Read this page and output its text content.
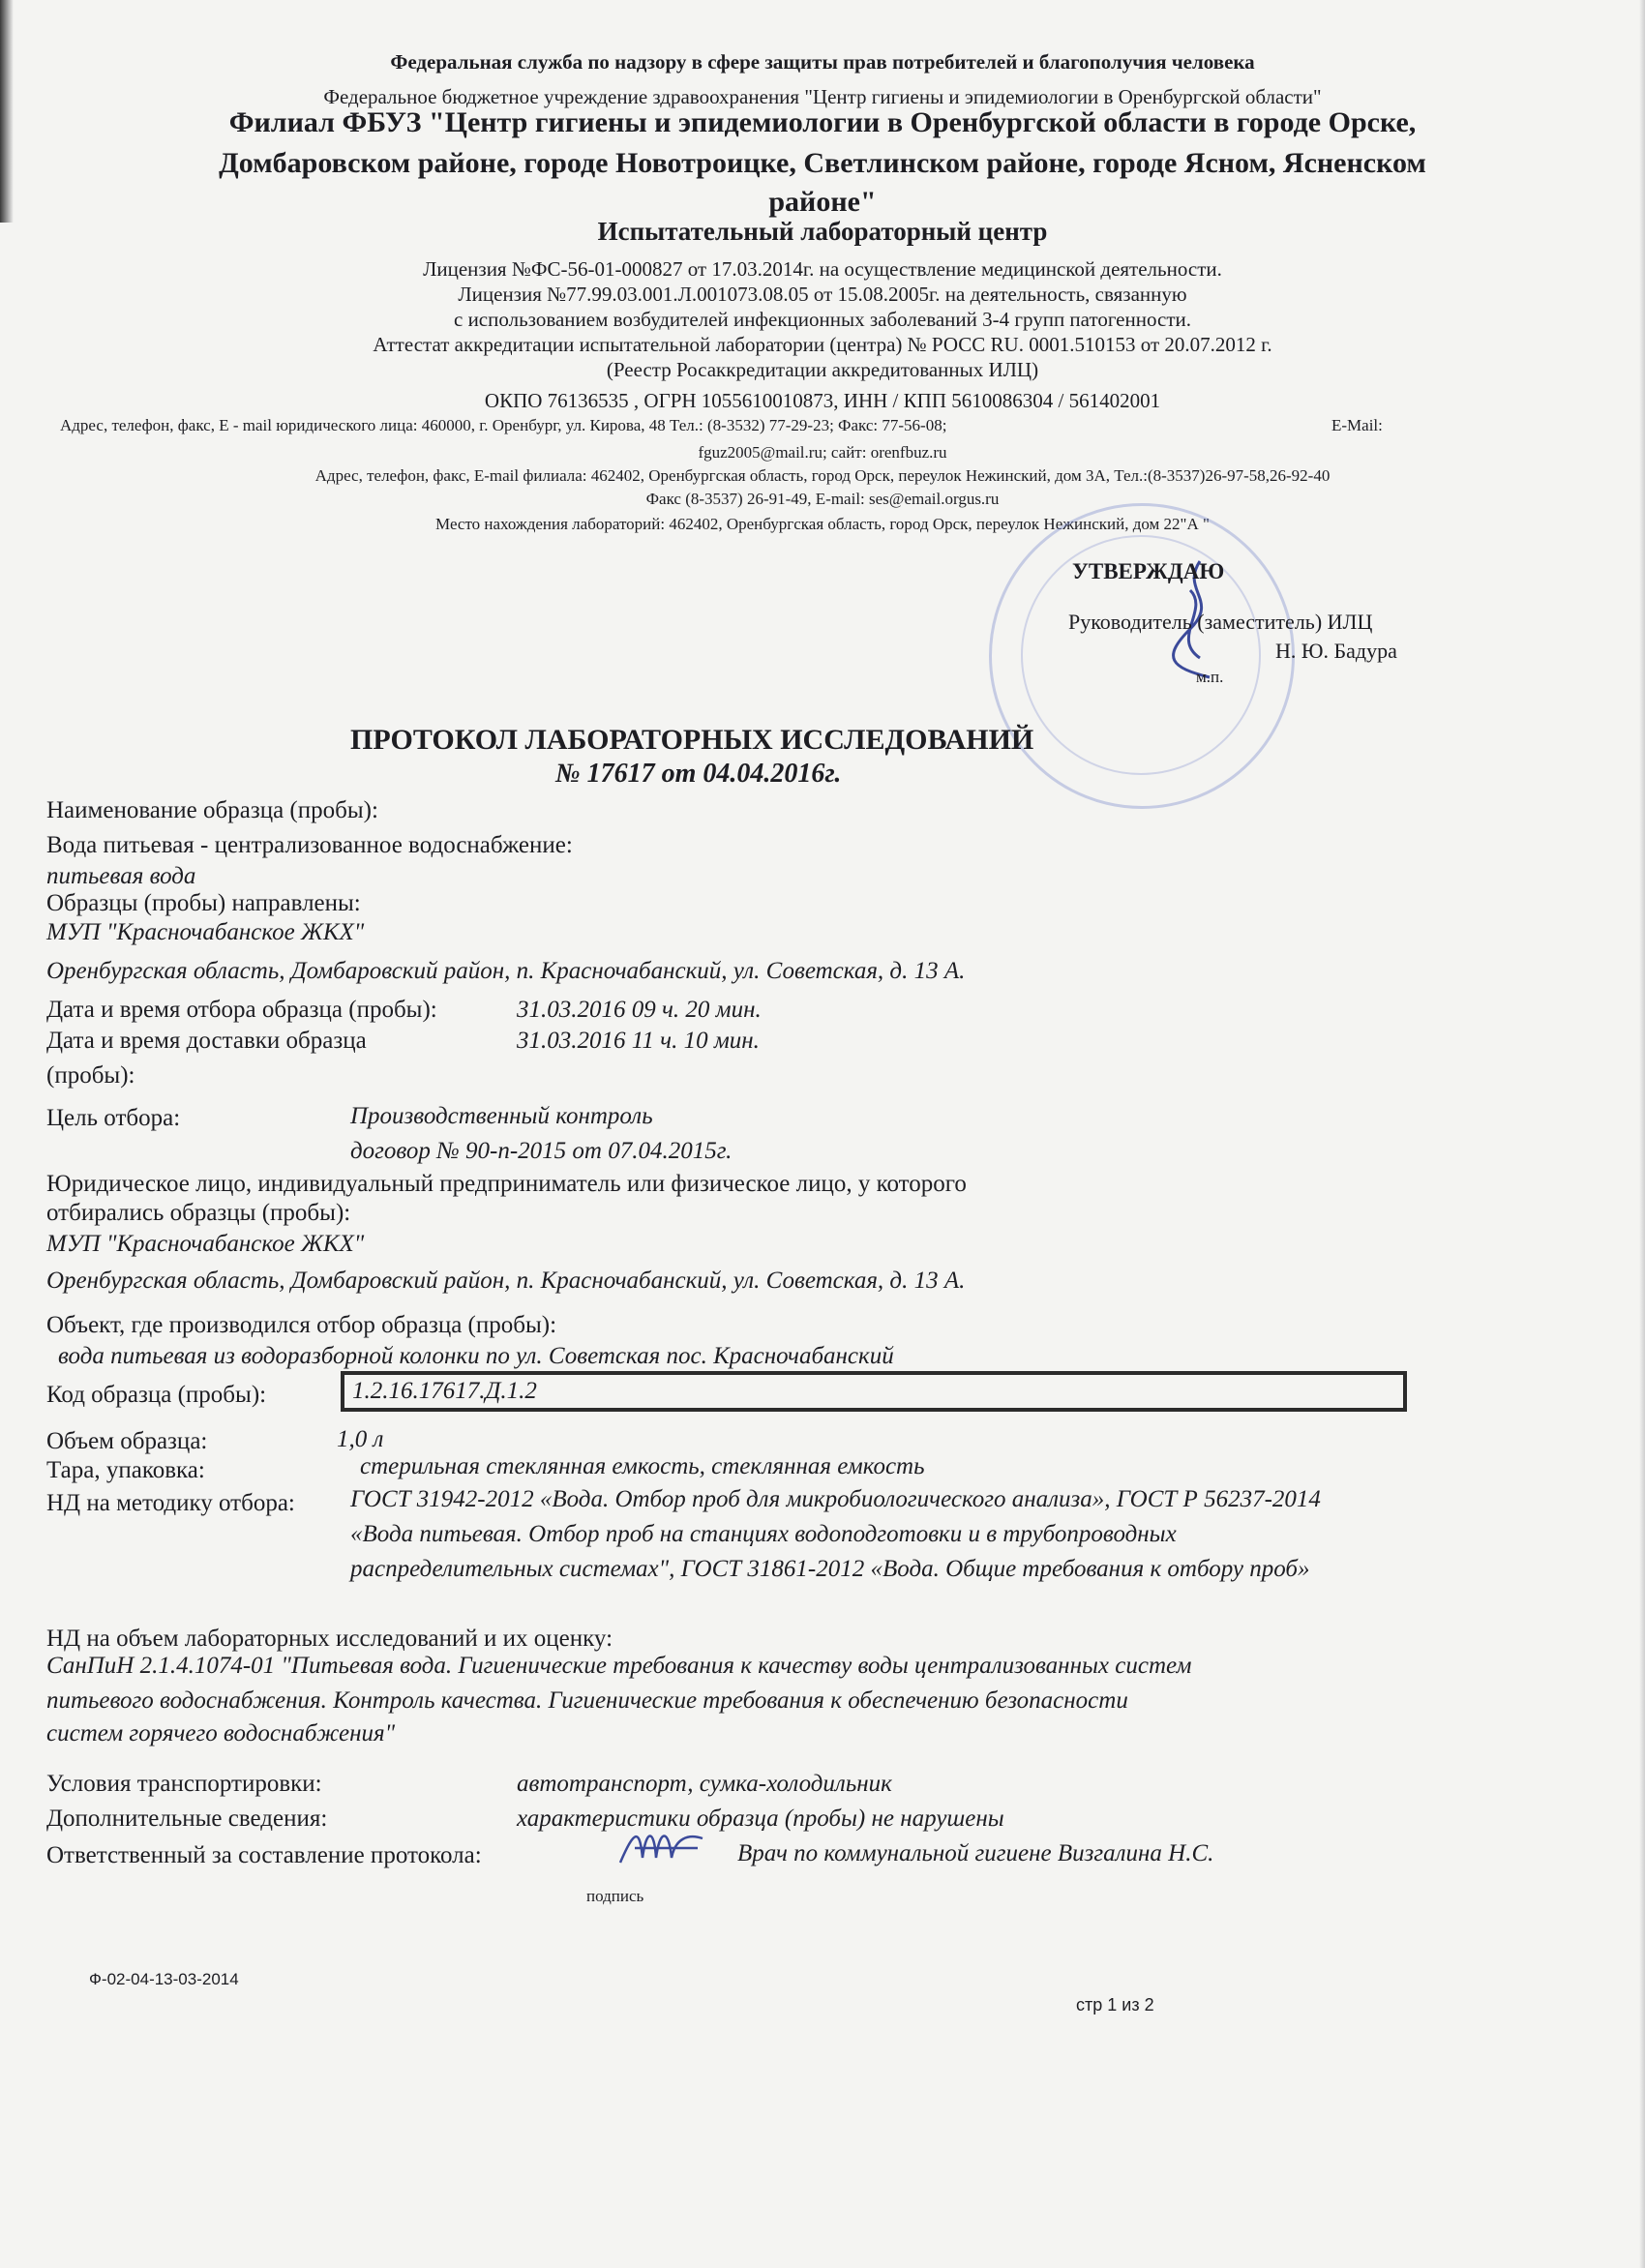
Федеральная служба по надзору в сфере защиты прав потребителей и благополучия человека
Федеральное бюджетное учреждение здравоохранения "Центр гигиены и эпидемиологии в Оренбургской области"
Филиал ФБУЗ "Центр гигиены и эпидемиологии в Оренбургской области в городе Орске,
Домбаровском районе, городе Новотроицке, Светлинском районе, городе Ясном, Ясненском
районе"
Испытательный лабораторный центр
Лицензия №ФС-56-01-000827 от 17.03.2014г. на осуществление медицинской деятельности.
Лицензия №77.99.03.001.Л.001073.08.05 от 15.08.2005г. на деятельность, связанную
с использованием возбудителей инфекционных заболеваний 3-4 групп патогенности.
Аттестат аккредитации испытательной лаборатории (центра) № РОСС RU. 0001.510153 от 20.07.2012 г.
(Реестр Росаккредитации аккредитованных ИЛЦ)
ОКПО 76136535 , ОГРН 1055610010873, ИНН / КПП 5610086304 / 561402001
Адрес, телефон, факс, E - mail юридического лица: 460000, г. Оренбург, ул. Кирова, 48 Тел.: (8-3532) 77-29-23; Факс: 77-56-08;	E-Mail:
fguz2005@mail.ru; сайт: orenfbuz.ru
Адрес, телефон, факс, E-mail филиала: 462402, Оренбургская область, город Орск, переулок Нежинский, дом 3А, Тел.:(8-3537)26-97-58,26-92-40
Факс (8-3537) 26-91-49, E-mail: ses@email.orgus.ru
Место нахождения лабораторий: 462402, Оренбургская область, город Орск, переулок Нежинский, дом 22"А "
УТВЕРЖДАЮ
Руководитель (заместитель) ИЛЦ
Н. Ю. Бадура
м.п.
ПРОТОКОЛ ЛАБОРАТОРНЫХ ИССЛЕДОВАНИЙ
№ 17617 от 04.04.2016г.
Наименование образца (пробы):
Вода питьевая - централизованное водоснабжение:
питьевая вода
Образцы (пробы) направлены:
МУП "Красночабанское ЖКХ"
Оренбургская область, Домбаровский район, п. Красночабанский, ул. Советская, д. 13 А.
Дата и время отбора образца (пробы):	31.03.2016 09 ч. 20 мин.
Дата и время доставки образца	31.03.2016 11 ч. 10 мин.
(пробы):
Цель отбора:	Производственный контроль
договор № 90-п-2015 от 07.04.2015г.
Юридическое лицо, индивидуальный предприниматель или физическое лицо, у которого
отбирались образцы (пробы):
МУП "Красночабанское ЖКХ"
Оренбургская область, Домбаровский район, п. Красночабанский, ул. Советская, д. 13 А.
Объект, где производился отбор образца (пробы):
вода питьевая из водоразборной колонки по ул. Советская пос. Красночабанский
Код образца (пробы):	1.2.16.17617.Д.1.2
Объем образца:	1,0 л
Тара, упаковка:	стерильная стеклянная емкость, стеклянная емкость
НД на методику отбора: ГОСТ 31942-2012 «Вода. Отбор проб для микробиологического анализа», ГОСТ Р 56237-2014
«Вода питьевая. Отбор проб на станциях водоподготовки и в трубопроводных
распределительных системах", ГОСТ 31861-2012 «Вода. Общие требования к отбору проб»
НД на объем лабораторных исследований и их оценку:
СанПиН 2.1.4.1074-01 "Питьевая вода. Гигиенические требования к качеству воды централизованных систем
питьевого водоснабжения. Контроль качества. Гигиенические требования к обеспечению безопасности
систем горячего водоснабжения"
Условия транспортировки:	автотранспорт, сумка-холодильник
Дополнительные сведения:	характеристики образца (пробы) не нарушены
Ответственный за составление протокола:
подпись
Врач по коммунальной гигиене Визгалина Н.С.
Ф-02-04-13-03-2014
стр 1 из 2
